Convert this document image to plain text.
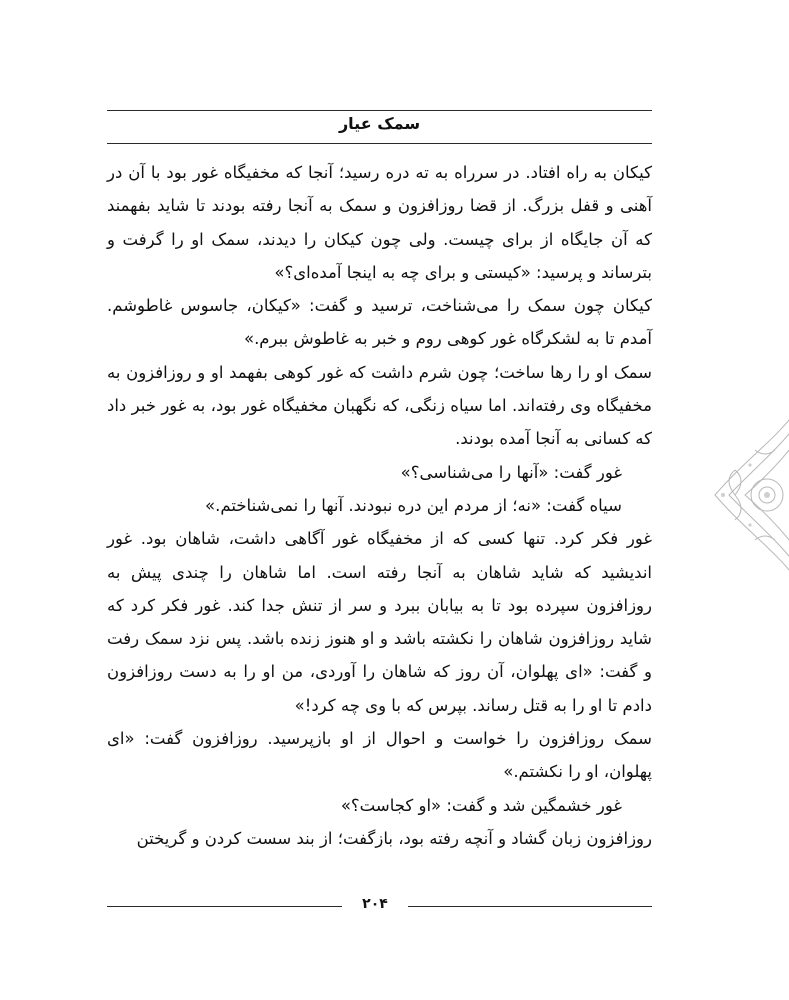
سمک عیار

کیکان به راه افتاد. در سرراه به ته دره رسید؛ آنجا که مخفیگاه غور بود با آن در آهنی و قفل بزرگ. از قضا روزافزون و سمک به آنجا رفته بودند تا شاید بفهمند که آن جایگاه از برای چیست. ولی چون کیکان را دیدند، سمک او را گرفت و بترساند و پرسید: «کیستی و برای چه به اینجا آمده‌ای؟»

کیکان چون سمک را می‌شناخت، ترسید و گفت: «کیکان، جاسوس غاطوشم. آمدم تا به لشکرگاه غور کوهی روم و خبر به غاطوش ببرم.»

سمک او را رها ساخت؛ چون شرم داشت که غور کوهی بفهمد او و روزافزون به مخفیگاه وی رفته‌اند. اما سیاه زنگی، که نگهبان مخفیگاه غور بود، به غور خبر داد که کسانی به آنجا آمده بودند.

غور گفت: «آنها را می‌شناسی؟»

سیاه گفت: «نه؛ از مردم این دره نبودند. آنها را نمی‌شناختم.»

غور فکر کرد. تنها کسی که از مخفیگاه غور آگاهی داشت، شاهان بود. غور اندیشید که شاید شاهان به آنجا رفته است. اما شاهان را چندی پیش به روزافزون سپرده بود تا به بیابان ببرد و سر از تنش جدا کند. غور فکر کرد که شاید روزافزون شاهان را نکشته باشد و او هنوز زنده باشد. پس نزد سمک رفت و گفت: «ای پهلوان، آن روز که شاهان را آوردی، من او را به دست روزافزون دادم تا او را به قتل رساند. بپرس که با وی چه کرد!»

سمک روزافزون را خواست و احوال از او بازپرسید. روزافزون گفت: «ای پهلوان، او را نکشتم.»

غور خشمگین شد و گفت: «او کجاست؟»

روزافزون زبان گشاد و آنچه رفته بود، بازگفت؛ از بند سست کردن و گریختن

۲۰۴
